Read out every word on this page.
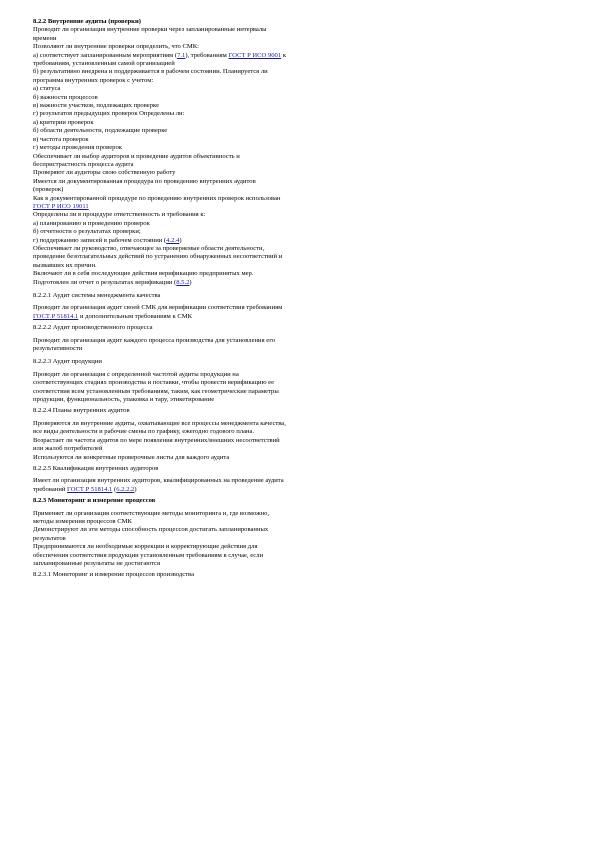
8.2.2 Внутренние аудиты (проверки)
Проводит ли организация внутренние проверки через запланированные интервалы
времени
Позволяют ли внутренние проверки определить, что СМК:
а) соответствует запланированным мероприятиям (7.1), требованиям ГОСТ Р ИСО 9001 к
требованиям, установленным самой организацией
б) результативно внедрена и поддерживается в рабочем состоянии. Планируется ли
программа внутренних проверок с учетом:
а) статуса
б) важности процессов
в) важности участков, подлежащих проверке
г) результатов предыдущих проверок Определены ли:
а) критерии проверок
б) области деятельности, подлежащие проверке
в) частота проверок
г) методы проведения проверок
Обеспечивает ли выбор аудиторов и проведение аудитов объективность и
беспристрастность процесса аудита
Проверяют ли аудиторы свою собственную работу
Имеется ли документированная процедура по проведению внутренних аудитов
(проверок)
Как в документированной процедуре по проведению внутренних проверок использован
ГОСТ Р ИСО 19011
Определены ли в процедуре ответственность и требования к:
а) планированию и проведению проверок
б) отчетности о результатах проверки;
г) поддержанию записей в рабочем состоянии (4.2.4)
Обеспечивает ли руководство, отвечающее за проверяемые области деятельности,
проведение безотлагательных действий по устранению обнаруженных несоответствий и
вызвавших их причин.
Включают ли в себя последующие действия верификацию предпринятых мер.
Подготовлен ли отчет о результатах верификации (8.5.2)
8.2.2.1 Аудит системы менеджмента качества
Проводит ли организация аудит своей СМК для верификации соответствия требованиям
ГОСТ Р 51814.1 и дополнительным требованиям к СМК
8.2.2.2 Аудит производственного процесса
Проводит ли организация аудит каждого процесса производства для установления его
результативности
8.2.2.3 Аудит продукции
Проводит ли организация с определенной частотой аудиты продукции на
соответствующих стадиях производства и поставки, чтобы провести верификацию ее
соответствия всем установленным требованиям, таким, как геометрические параметры
продукции, функциональность, упаковка и тару, этикетирование
8.2.2.4 Планы внутренних аудитов
Проверяются ли внутренние аудиты, охватывающие все процессы менеджмента качества,
все виды деятельности и рабочие смены по графику, ежегодно годового плана.
Возрастает ли частота аудитов по мере появления внутренних/внешних несоответствий
или жалоб потребителей
Используются ли конкретные проверочные листы для каждого аудита
8.2.2.5 Квалификация внутренних аудиторов
Имеет ли организация внутренних аудиторов, квалифицированных на проведение аудита
требований ГОСТ Р 51814.1 (6.2.2.2)
8.2.3 Мониторинг и измерение процессов
Применяет ли организация соответствующие методы мониторинга и, где возможно,
методы измерения процессов СМК
Демонстрируют ли эти методы способность процессов достигать запланированных
результатов
Предпринимаются ли необходимые коррекции и корректирующие действия для
обеспечения соответствия продукции установленным требованиям в случае, если
запланированные результаты не достигаются
8.2.3.1 Мониторинг и измерение процессов производства
